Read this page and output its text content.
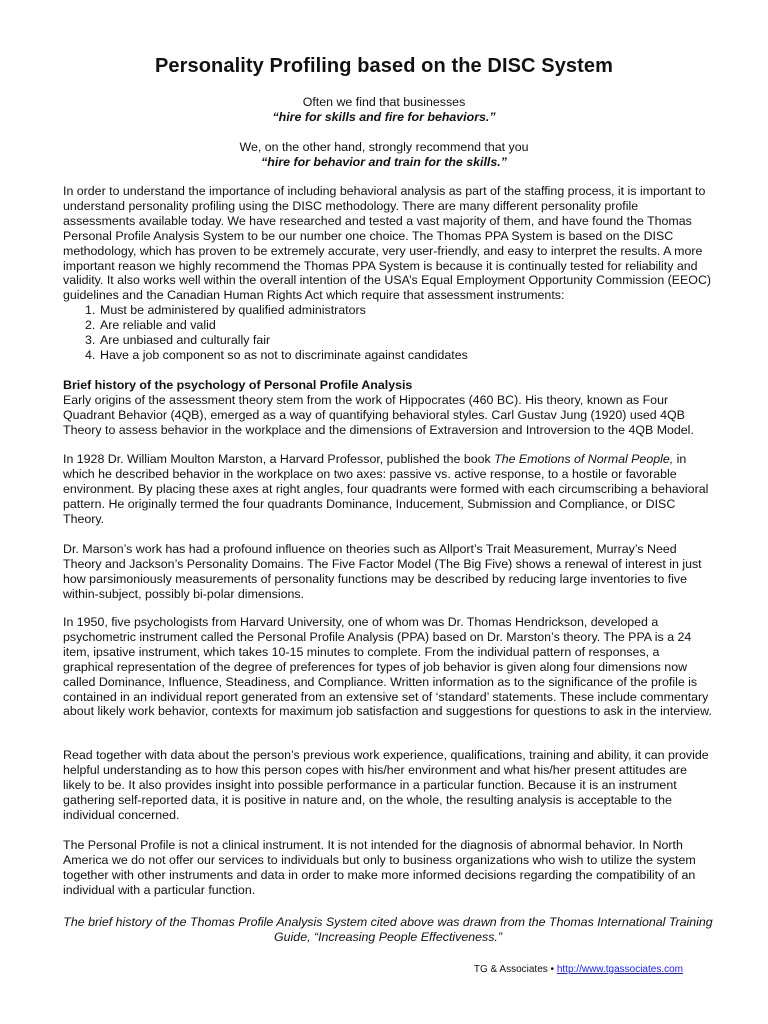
Personality Profiling based on the DISC System
Often we find that businesses
“hire for skills and fire for behaviors.”
We, on the other hand, strongly recommend that you
“hire for behavior and train for the skills.”

In order to understand the importance of including behavioral analysis as part of the staffing process, it is important to understand personality profiling using the DISC methodology. There are many different personality profile assessments available today. We have researched and tested a vast majority of them, and have found the Thomas Personal Profile Analysis System to be our number one choice. The Thomas PPA System is based on the DISC methodology, which has proven to be extremely accurate, very user-friendly, and easy to interpret the results. A more important reason we highly recommend the Thomas PPA System is because it is continually tested for reliability and validity. It also works well within the overall intention of the USA’s Equal Employment Opportunity Commission (EEOC) guidelines and the Canadian Human Rights Act which require that assessment instruments:

1. Must be administered by qualified administrators
2. Are reliable and valid
3. Are unbiased and culturally fair
4. Have a job component so as not to discriminate against candidates

Brief history of the psychology of Personal Profile Analysis

Early origins of the assessment theory stem from the work of Hippocrates (460 BC). His theory, known as Four Quadrant Behavior (4QB), emerged as a way of quantifying behavioral styles. Carl Gustav Jung (1920) used 4QB Theory to assess behavior in the workplace and the dimensions of Extraversion and Introversion to the 4QB Model.

In 1928 Dr. William Moulton Marston, a Harvard Professor, published the book The Emotions of Normal People, in which he described behavior in the workplace on two axes: passive vs. active response, to a hostile or favorable environment. By placing these axes at right angles, four quadrants were formed with each circumscribing a behavioral pattern. He originally termed the four quadrants Dominance, Inducement, Submission and Compliance, or DISC Theory.

Dr. Marson’s work has had a profound influence on theories such as Allport’s Trait Measurement, Murray’s Need Theory and Jackson’s Personality Domains. The Five Factor Model (The Big Five) shows a renewal of interest in just how parsimoniously measurements of personality functions may be described by reducing large inventories to five within-subject, possibly bi-polar dimensions.

In 1950, five psychologists from Harvard University, one of whom was Dr. Thomas Hendrickson, developed a psychometric instrument called the Personal Profile Analysis (PPA) based on Dr. Marston’s theory. The PPA is a 24 item, ipsative instrument, which takes 10-15 minutes to complete. From the individual pattern of responses, a graphical representation of the degree of preferences for types of job behavior is given along four dimensions now called Dominance, Influence, Steadiness, and Compliance. Written information as to the significance of the profile is contained in an individual report generated from an extensive set of ‘standard’ statements. These include commentary about likely work behavior, contexts for maximum job satisfaction and suggestions for questions to ask in the interview.

Read together with data about the person’s previous work experience, qualifications, training and ability, it can provide helpful understanding as to how this person copes with his/her environment and what his/her present attitudes are likely to be. It also provides insight into possible performance in a particular function. Because it is an instrument gathering self-reported data, it is positive in nature and, on the whole, the resulting analysis is acceptable to the individual concerned.

The Personal Profile is not a clinical instrument. It is not intended for the diagnosis of abnormal behavior. In North America we do not offer our services to individuals but only to business organizations who wish to utilize the system together with other instruments and data in order to make more informed decisions regarding the compatibility of an individual with a particular function.

The brief history of the Thomas Profile Analysis System cited above was drawn from the Thomas International Training Guide, “Increasing People Effectiveness.”
TG & Associates • http://www.tgassociates.com
